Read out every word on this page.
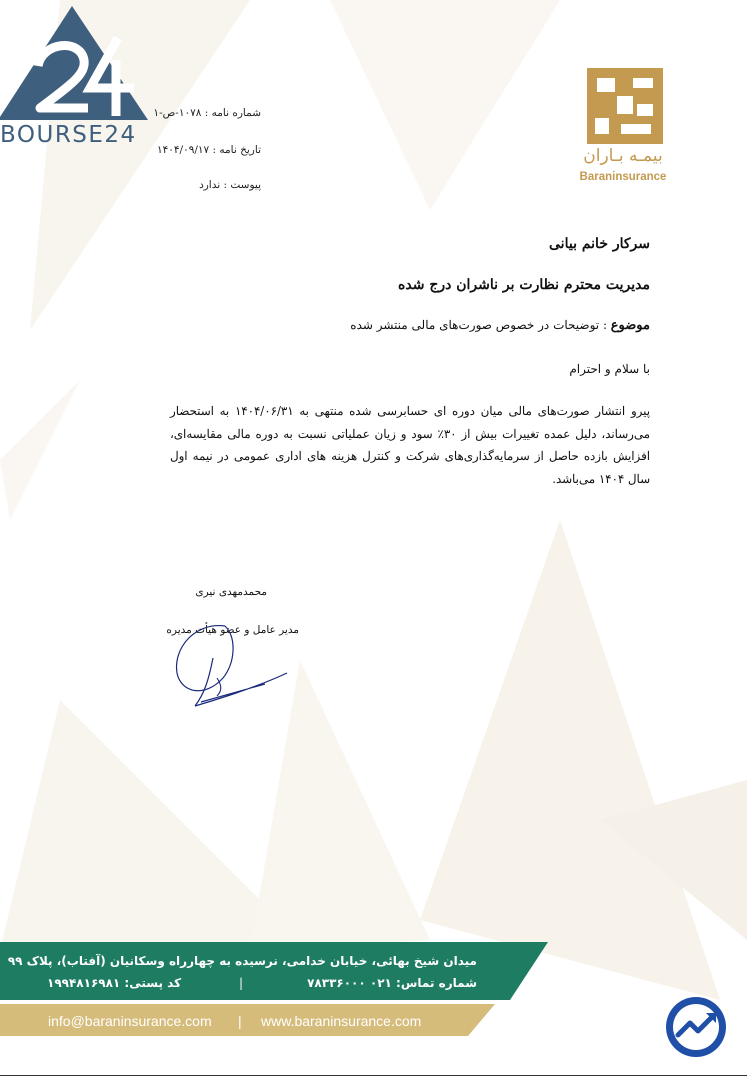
BOURSE24
بیمـه بـاران
Baraninsurance
شماره نامه : ۱۰۷۸-ص-۱
تاریخ نامه : ۱۴۰۴/۰۹/۱۷
پیوست : ندارد
سرکار خانم بیانی
مدیریت محترم نظارت بر ناشران درج شده
موضوع : توضیحات در خصوص صورت‌های مالی منتشر شده
با سلام و احترام
پیرو انتشار صورت‌های مالی میان دوره ای حسابرسی شده منتهی به ۱۴۰۴/۰۶/۳۱ به استحضار می‌رساند، دلیل عمده تغییرات بیش از ۳۰٪ سود و زیان عملیاتی نسبت به دوره مالی مقایسه‌ای، افزایش بازده حاصل از سرمایه‌گذاری‌های شرکت و کنترل هزینه های اداری عمومی در نیمه اول سال ۱۴۰۴ می‌باشد.
محمدمهدی نیری
مدیر عامل و عضو هیأت مدیره
میدان شیخ بهائی، خیابان خدامی، نرسیده به چهارراه وسکانیان (آفتاب)، پلاک ۹۹
شماره تماس: ۰۲۱ ۷۸۳۳۶۰۰۰
|
کد پستی: ۱۹۹۴۸۱۶۹۸۱
info@baraninsurance.com | www.baraninsurance.com
